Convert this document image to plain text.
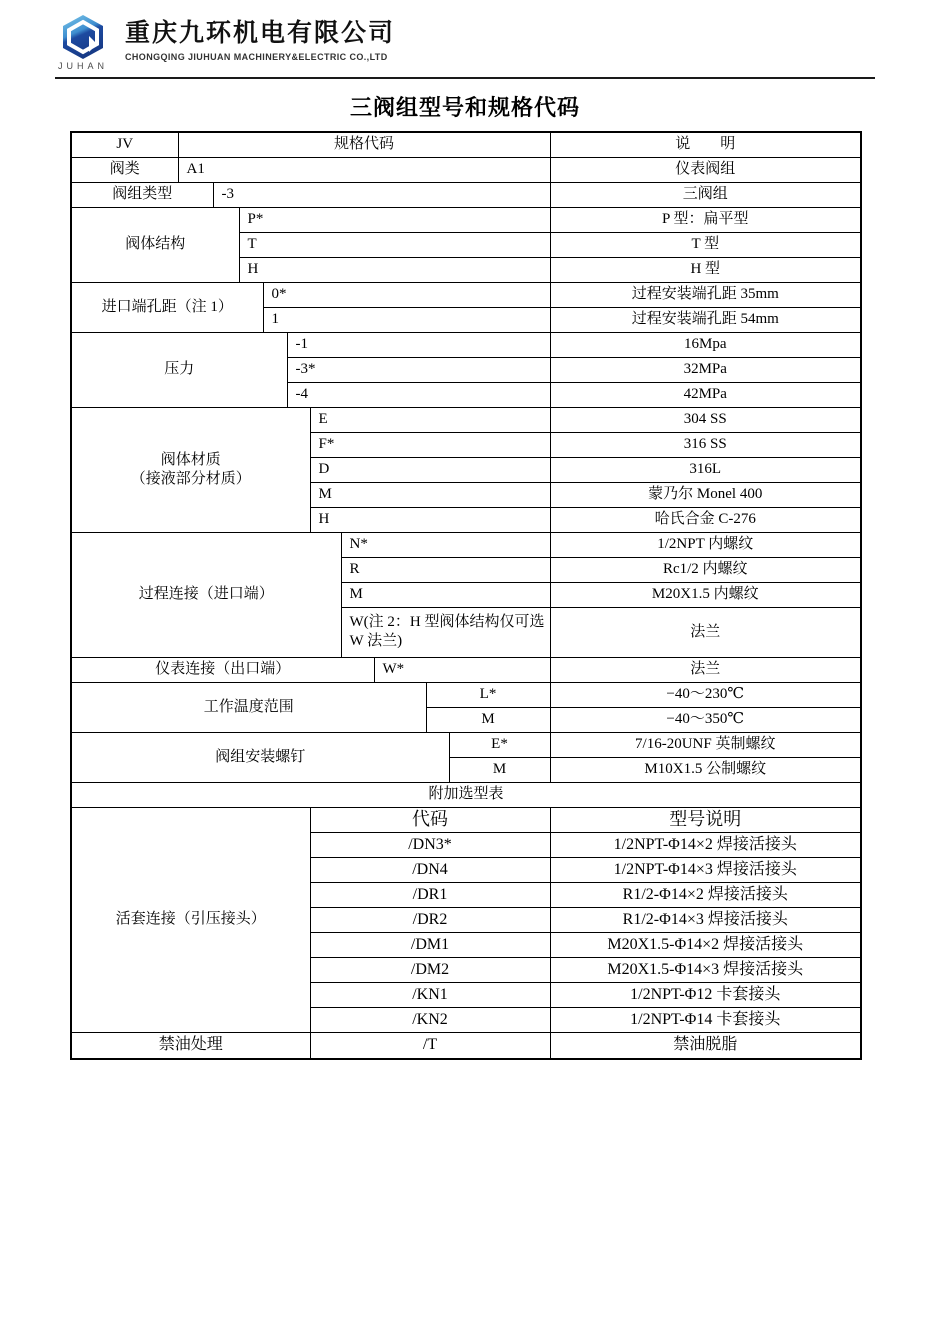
JUHAN
重庆九环机电有限公司
CHONGQING JIUHUAN MACHINERY&ELECTRIC CO.,LTD
三阀组型号和规格代码
JV	规格代码										说　　明
阀类	A1										仪表阀组
阀组类型		-3									三阀组
阀体结构			P*								P 型：扁平型
			T								T 型
			H								H 型
进口端孔距（注 1）				0*							过程安装端孔距 35mm
				1							过程安装端孔距 54mm
压力					-1						16Mpa
					-3*						32MPa
					-4						42MPa

阀体材质
（接液部分材质）						E					304 SS
						F*					316 SS
						D					316L
						M					蒙乃尔 Monel 400
						H					哈氏合金 C-276
过程连接（进口端）							N*				1/2NPT 内螺纹
							R				Rc1/2 内螺纹
							M				M20X1.5 内螺纹
							W(注 2：H 型阀体结构仅可选 W 法兰)				法兰
仪表连接（出口端）								W*			法兰
工作温度范围									L*		−40～230℃
									M		−40～350℃
阀组安装螺钉										E*	7/16-20UNF 英制螺纹
										M	M10X1.5 公制螺纹
附加选型表											
活套连接（引压接头）						代码					型号说明
						/DN3*					1/2NPT-Φ14×2 焊接活接头
						/DN4					1/2NPT-Φ14×3 焊接活接头
						/DR1					R1/2-Φ14×2 焊接活接头
						/DR2					R1/2-Φ14×3 焊接活接头
						/DM1					M20X1.5-Φ14×2 焊接活接头
						/DM2					M20X1.5-Φ14×3 焊接活接头
						/KN1					1/2NPT-Φ12 卡套接头
						/KN2					1/2NPT-Φ14 卡套接头
禁油处理						/T					禁油脱脂
